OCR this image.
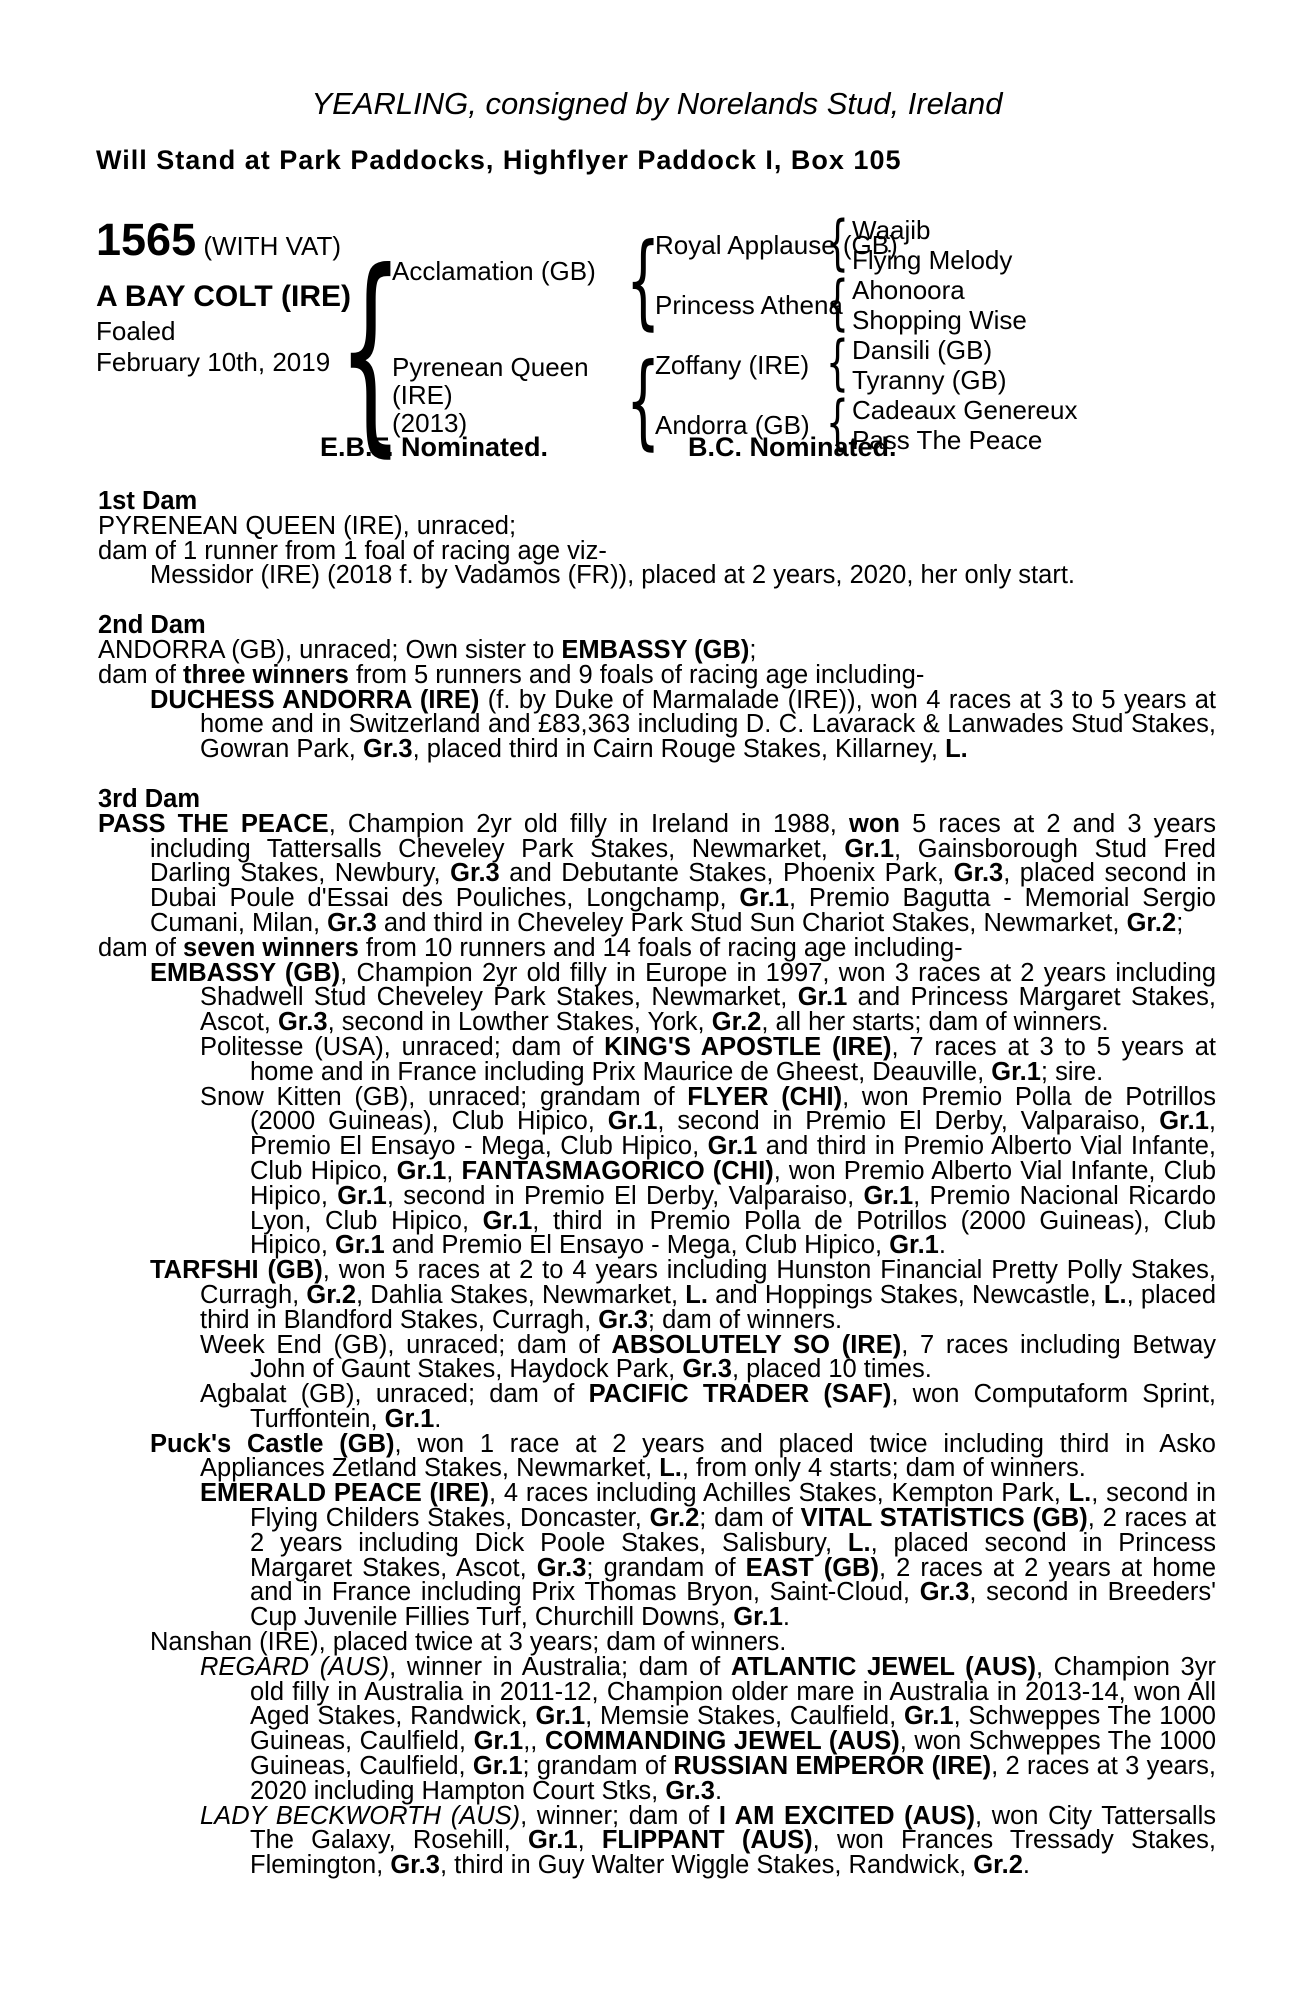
YEARLING, consigned by Norelands Stud, Ireland
Will Stand at Park Paddocks, Highflyer Paddock I, Box 105
1565 (WITH VAT)
A BAY COLT (IRE)
Foaled
February 10th, 2019
{
Acclamation (GB)
Pyrenean Queen
(IRE)
(2013)
{
{
Royal Applause (GB)
Princess Athena
Zoffany (IRE)
Andorra (GB)
{
{
{
{
Waajib
Flying Melody
Ahonoora
Shopping Wise
Dansili (GB)
Tyranny (GB)
Cadeaux Genereux
Pass The Peace
E.B.F. Nominated.	B.C. Nominated.
1st Dam

PYRENEAN QUEEN (IRE), unraced;

dam of 1 runner from 1 foal of racing age viz-

Messidor (IRE) (2018 f. by Vadamos (FR)), placed at 2 years, 2020, her only start.

2nd Dam

ANDORRA (GB), unraced; Own sister to EMBASSY (GB);

dam of three winners from 5 runners and 9 foals of racing age including-

DUCHESS ANDORRA (IRE) (f. by Duke of Marmalade (IRE)), won 4 races at 3 to 5 years at home and in Switzerland and £83,363 including D. C. Lavarack & Lanwades Stud Stakes, Gowran Park, Gr.3, placed third in Cairn Rouge Stakes, Killarney, L.

3rd Dam

PASS THE PEACE, Champion 2yr old filly in Ireland in 1988, won 5 races at 2 and 3 years including Tattersalls Cheveley Park Stakes, Newmarket, Gr.1, Gainsborough Stud Fred Darling Stakes, Newbury, Gr.3 and Debutante Stakes, Phoenix Park, Gr.3, placed second in Dubai Poule d'Essai des Pouliches, Longchamp, Gr.1, Premio Bagutta - Memorial Sergio Cumani, Milan, Gr.3 and third in Cheveley Park Stud Sun Chariot Stakes, Newmarket, Gr.2;

dam of seven winners from 10 runners and 14 foals of racing age including-

EMBASSY (GB), Champion 2yr old filly in Europe in 1997, won 3 races at 2 years including Shadwell Stud Cheveley Park Stakes, Newmarket, Gr.1 and Princess Margaret Stakes, Ascot, Gr.3, second in Lowther Stakes, York, Gr.2, all her starts; dam of winners.

Politesse (USA), unraced; dam of KING'S APOSTLE (IRE), 7 races at 3 to 5 years at home and in France including Prix Maurice de Gheest, Deauville, Gr.1; sire.

Snow Kitten (GB), unraced; grandam of FLYER (CHI), won Premio Polla de Potrillos (2000 Guineas), Club Hipico, Gr.1, second in Premio El Derby, Valparaiso, Gr.1, Premio El Ensayo - Mega, Club Hipico, Gr.1 and third in Premio Alberto Vial Infante, Club Hipico, Gr.1, FANTASMAGORICO (CHI), won Premio Alberto Vial Infante, Club Hipico, Gr.1, second in Premio El Derby, Valparaiso, Gr.1, Premio Nacional Ricardo Lyon, Club Hipico, Gr.1, third in Premio Polla de Potrillos (2000 Guineas), Club Hipico, Gr.1 and Premio El Ensayo - Mega, Club Hipico, Gr.1.

TARFSHI (GB), won 5 races at 2 to 4 years including Hunston Financial Pretty Polly Stakes, Curragh, Gr.2, Dahlia Stakes, Newmarket, L. and Hoppings Stakes, Newcastle, L., placed third in Blandford Stakes, Curragh, Gr.3; dam of winners.

Week End (GB), unraced; dam of ABSOLUTELY SO (IRE), 7 races including Betway John of Gaunt Stakes, Haydock Park, Gr.3, placed 10 times.

Agbalat (GB), unraced; dam of PACIFIC TRADER (SAF), won Computaform Sprint, Turffontein, Gr.1.

Puck's Castle (GB), won 1 race at 2 years and placed twice including third in Asko Appliances Zetland Stakes, Newmarket, L., from only 4 starts; dam of winners.

EMERALD PEACE (IRE), 4 races including Achilles Stakes, Kempton Park, L., second in Flying Childers Stakes, Doncaster, Gr.2; dam of VITAL STATISTICS (GB), 2 races at 2 years including Dick Poole Stakes, Salisbury, L., placed second in Princess Margaret Stakes, Ascot, Gr.3; grandam of EAST (GB), 2 races at 2 years at home and in France including Prix Thomas Bryon, Saint-Cloud, Gr.3, second in Breeders' Cup Juvenile Fillies Turf, Churchill Downs, Gr.1.

Nanshan (IRE), placed twice at 3 years; dam of winners.

REGARD (AUS), winner in Australia; dam of ATLANTIC JEWEL (AUS), Champion 3yr old filly in Australia in 2011-12, Champion older mare in Australia in 2013-14, won All Aged Stakes, Randwick, Gr.1, Memsie Stakes, Caulfield, Gr.1, Schweppes The 1000 Guineas, Caulfield, Gr.1,, COMMANDING JEWEL (AUS), won Schweppes The 1000 Guineas, Caulfield, Gr.1; grandam of RUSSIAN EMPEROR (IRE), 2 races at 3 years, 2020 including Hampton Court Stks, Gr.3.

LADY BECKWORTH (AUS), winner; dam of I AM EXCITED (AUS), won City Tattersalls The Galaxy, Rosehill, Gr.1, FLIPPANT (AUS), won Frances Tressady Stakes, Flemington, Gr.3, third in Guy Walter Wiggle Stakes, Randwick, Gr.2.
